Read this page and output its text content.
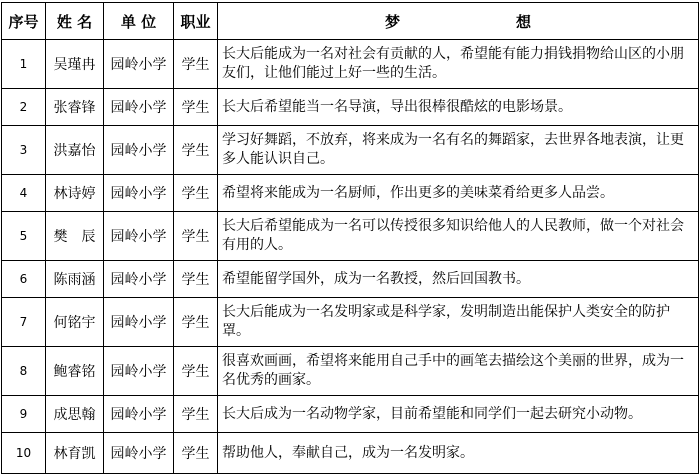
序号	姓 名	单 位	职业	梦 想
1	吴瑾冉	园岭小学	学生	长大后能成为一名对社会有贡献的人，希望能有能力捐钱捐物给山区的小朋友们，让他们能过上好一些的生活。
2	张睿锋	园岭小学	学生	长大后希望能当一名导演，导出很棒很酷炫的电影场景。
3	洪嘉怡	园岭小学	学生	学习好舞蹈，不放弃，将来成为一名有名的舞蹈家，去世界各地表演，让更多人能认识自己。
4	林诗婷	园岭小学	学生	希望将来能成为一名厨师，作出更多的美味菜肴给更多人品尝。
5	樊　辰	园岭小学	学生	长大后希望能成为一名可以传授很多知识给他人的人民教师，做一个对社会有用的人。
6	陈雨涵	园岭小学	学生	希望能留学国外，成为一名教授，然后回国教书。
7	何铭宇	园岭小学	学生	长大后能成为一名发明家或是科学家，发明制造出能保护人类安全的防护罩。
8	鲍睿铭	园岭小学	学生	很喜欢画画，希望将来能用自己手中的画笔去描绘这个美丽的世界，成为一名优秀的画家。
9	成思翰	园岭小学	学生	长大后成为一名动物学家，目前希望能和同学们一起去研究小动物。
10	林育凯	园岭小学	学生	帮助他人，奉献自己，成为一名发明家。
